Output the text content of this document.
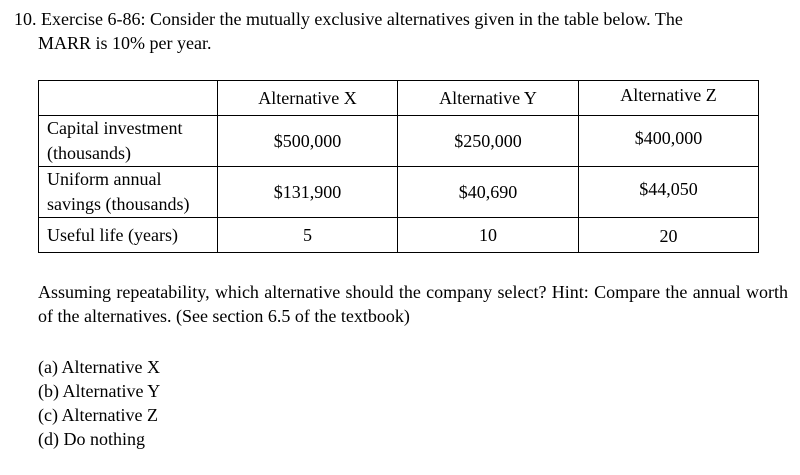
10. Exercise 6-86: Consider the mutually exclusive alternatives given in the table below. The
MARR is 10% per year.
	Alternative X	Alternative Y	Alternative Z
Capital investment
(thousands)	$500,000	$250,000	$400,000
Uniform annual
savings (thousands)	$131,900	$40,690	$44,050
Useful life (years)	5	10	20
Assuming repeatability, which alternative should the company select? Hint: Compare the annual worth of the alternatives. (See section 6.5 of the textbook)
(a) Alternative X
(b) Alternative Y
(c) Alternative Z
(d) Do nothing
